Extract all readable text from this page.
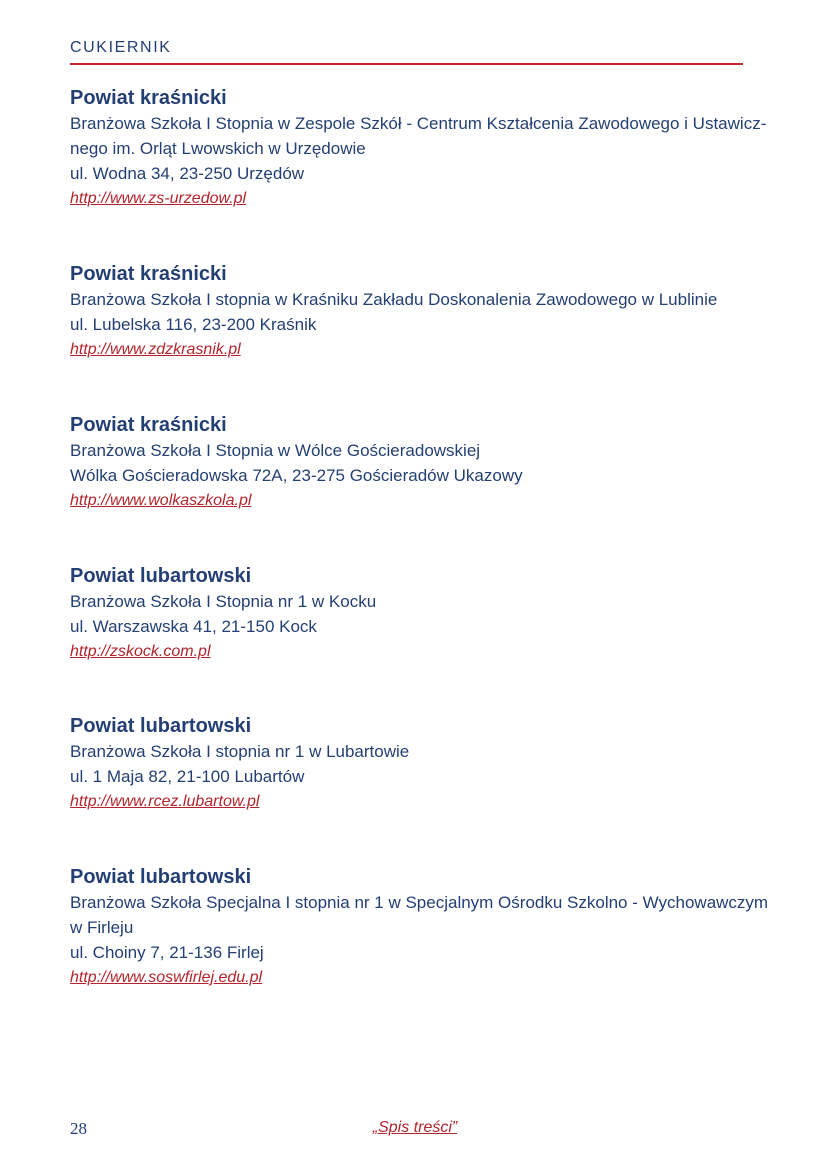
CUKIERNIK
Powiat kraśnicki
Branżowa Szkoła I Stopnia w Zespole Szkół - Centrum Kształcenia Zawodowego i Ustawicz-
nego im. Orląt Lwowskich w Urzędowie
ul. Wodna 34, 23-250 Urzędów
http://www.zs-urzedow.pl
Powiat kraśnicki
Branżowa Szkoła I stopnia w Kraśniku Zakładu Doskonalenia Zawodowego w Lublinie
ul. Lubelska 116, 23-200 Kraśnik
http://www.zdzkrasnik.pl
Powiat kraśnicki
Branżowa Szkoła I Stopnia w Wólce Gościeradowskiej
Wólka Gościeradowska 72A, 23-275 Gościeradów Ukazowy
http://www.wolkaszkola.pl
Powiat lubartowski
Branżowa Szkoła I Stopnia nr 1 w Kocku
ul. Warszawska 41, 21-150 Kock
http://zskock.com.pl
Powiat lubartowski
Branżowa Szkoła I stopnia nr 1 w Lubartowie
ul. 1 Maja 82, 21-100 Lubartów
http://www.rcez.lubartow.pl
Powiat lubartowski
Branżowa Szkoła Specjalna I stopnia nr 1 w Specjalnym Ośrodku Szkolno - Wychowawczym
w Firleju
ul. Choiny 7, 21-136 Firlej
http://www.soswfirlej.edu.pl
28	„Spis treści”
